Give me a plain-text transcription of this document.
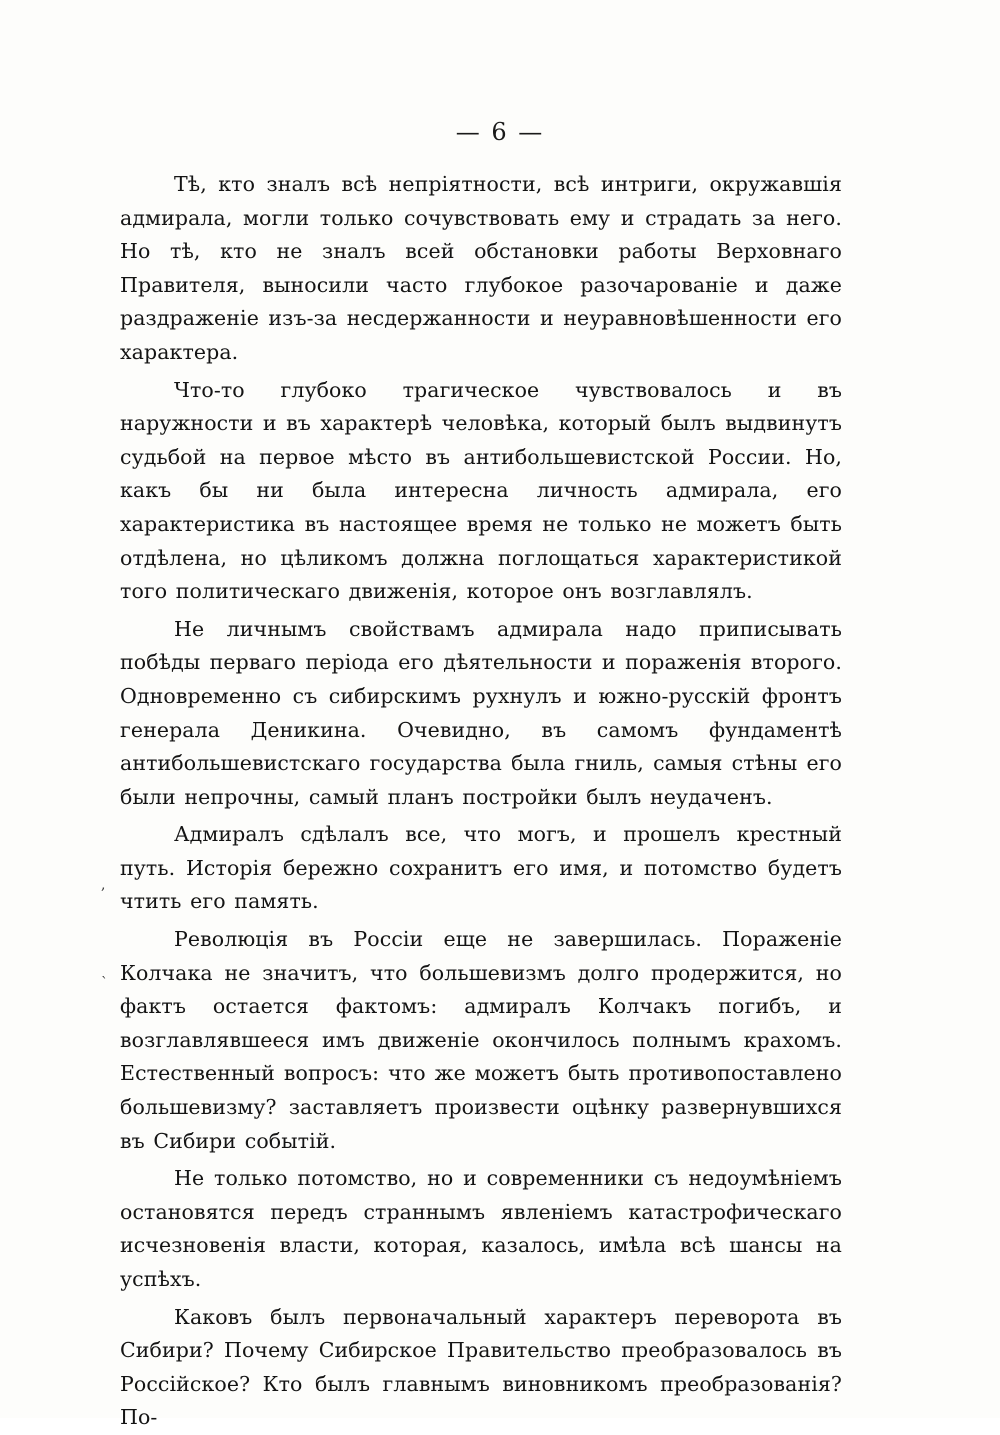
— 6 —
,
`

Тѣ, кто зналъ всѣ непріятности, всѣ интриги, окружавшія адмирала, могли только сочувствовать ему и страдать за него. Но тѣ, кто не зналъ всей обстановки работы Верховнаго Правителя, выносили часто глубокое разочарованіе и даже раздраженіе изъ-за несдержанности и неуравновѣшенности его характера.

Что-то глубоко трагическое чувствовалось и въ наружности и въ характерѣ человѣка, который былъ выдвинутъ судьбой на первое мѣсто въ антибольшевистской России. Но, какъ бы ни была интересна личность адмирала, его характеристика въ настоящее время не только не можетъ быть отдѣлена, но цѣликомъ должна поглощаться характеристикой того политическаго движенія, которое онъ возглавлялъ.

Не личнымъ свойствамъ адмирала надо приписывать побѣды перваго періода его дѣятельности и пораженія второго. Одновременно съ сибирскимъ рухнулъ и южно-русскій фронтъ генерала Деникина. Очевидно, въ самомъ фундаментѣ антибольшевистскаго государства была гниль, самыя стѣны его были непрочны, самый планъ постройки былъ неудаченъ.

Адмиралъ сдѣлалъ все, что могъ, и прошелъ крестный путь. Исторія бережно сохранитъ его имя, и потомство будетъ чтить его память.

Революція въ Россіи еще не завершилась. Пораженіе Колчака не значитъ, что большевизмъ долго продержится, но фактъ остается фактомъ: адмиралъ Колчакъ погибъ, и возглавлявшееся имъ движеніе окончилось полнымъ крахомъ. Естественный вопросъ: что же можетъ быть противопоставлено большевизму? заставляетъ произвести оцѣнку развернувшихся въ Сибири событій.

Не только потомство, но и современники съ недоумѣніемъ остановятся передъ страннымъ явленіемъ катастрофическаго исчезновенія власти, которая, казалось, имѣла всѣ шансы на успѣхъ.

Каковъ былъ первоначальный характеръ переворота въ Сибири? Почему Сибирское Правительство преобразовалось въ Россійское? Кто былъ главнымъ виновникомъ преобразованія? По-
